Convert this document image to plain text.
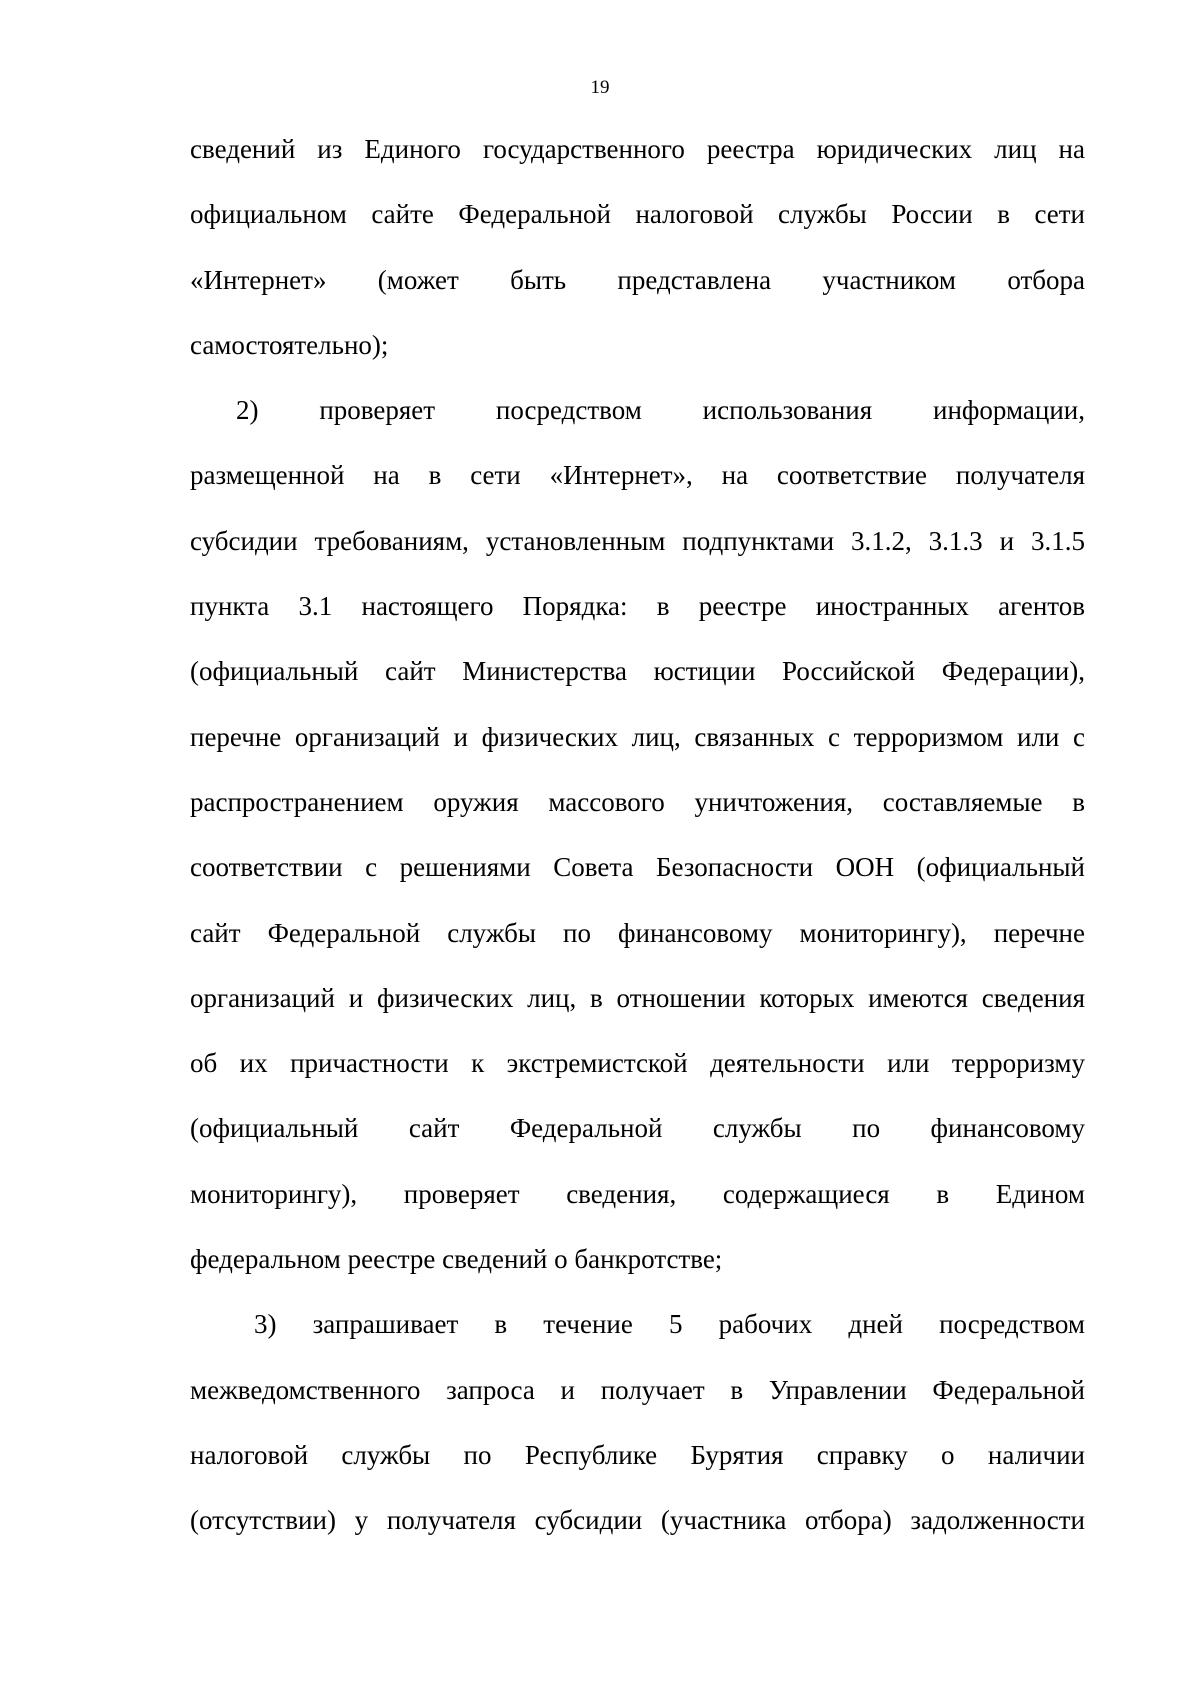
19
сведений из Единого государственного реестра юридических лиц на
официальном сайте Федеральной налоговой службы России в сети
«Интернет» (может быть представлена участником отбора
самостоятельно);
2) проверяет посредством использования информации,
размещенной на в сети «Интернет», на соответствие получателя
субсидии требованиям, установленным подпунктами 3.1.2, 3.1.3 и 3.1.5
пункта 3.1 настоящего Порядка: в реестре иностранных агентов
(официальный сайт Министерства юстиции Российской Федерации),
перечне организаций и физических лиц, связанных с терроризмом или с
распространением оружия массового уничтожения, составляемые в
соответствии с решениями Совета Безопасности ООН (официальный
сайт Федеральной службы по финансовому мониторингу), перечне
организаций и физических лиц, в отношении которых имеются сведения
об их причастности к экстремистской деятельности или терроризму
(официальный сайт Федеральной службы по финансовому
мониторингу), проверяет сведения, содержащиеся в Едином
федеральном реестре сведений о банкротстве;
3) запрашивает в течение 5 рабочих дней посредством
межведомственного запроса и получает в Управлении Федеральной
налоговой службы по Республике Бурятия справку о наличии
(отсутствии) у получателя субсидии (участника отбора) задолженности
